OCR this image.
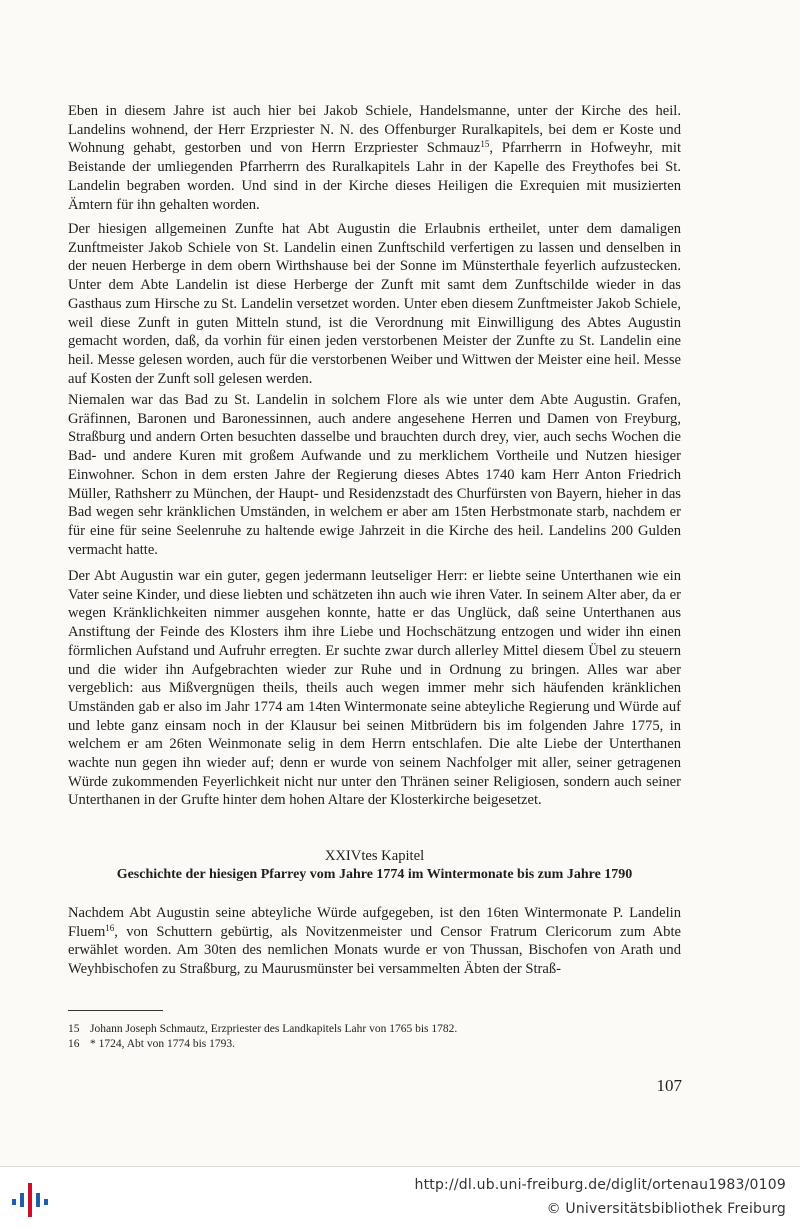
Eben in diesem Jahre ist auch hier bei Jakob Schiele, Handelsmanne, unter der Kirche des heil. Landelins wohnend, der Herr Erzpriester N. N. des Offenburger Ruralkapitels, bei dem er Koste und Wohnung gehabt, gestorben und von Herrn Erzpriester Schmauz$^{15}$, Pfarrherrn in Hofweyhr, mit Beistande der umliegenden Pfarrherrn des Ruralkapitels Lahr in der Kapelle des Freythofes bei St. Landelin begraben worden. Und sind in der Kirche dieses Heiligen die Exrequien mit musizierten Ämtern für ihn gehalten worden.

Der hiesigen allgemeinen Zunfte hat Abt Augustin die Erlaubnis ertheilet, unter dem damaligen Zunftmeister Jakob Schiele von St. Landelin einen Zunftschild verfertigen zu lassen und denselben in der neuen Herberge in dem obern Wirthshause bei der Sonne im Münsterthale feyerlich aufzustecken. Unter dem Abte Landelin ist diese Herberge der Zunft mit samt dem Zunftschilde wieder in das Gasthaus zum Hirsche zu St. Landelin versetzet worden. Unter eben diesem Zunftmeister Jakob Schiele, weil diese Zunft in guten Mitteln stund, ist die Verordnung mit Einwilligung des Abtes Augustin gemacht worden, daß, da vorhin für einen jeden verstorbenen Meister der Zunfte zu St. Landelin eine heil. Messe gelesen worden, auch für die verstorbenen Weiber und Wittwen der Meister eine heil. Messe auf Kosten der Zunft soll gelesen werden.

Niemalen war das Bad zu St. Landelin in solchem Flore als wie unter dem Abte Augustin. Grafen, Gräfinnen, Baronen und Baronessinnen, auch andere angesehene Herren und Damen von Freyburg, Straßburg und andern Orten besuchten dasselbe und brauchten durch drey, vier, auch sechs Wochen die Bad- und andere Kuren mit großem Aufwande und zu merklichem Vortheile und Nutzen hiesiger Einwohner. Schon in dem ersten Jahre der Regierung dieses Abtes 1740 kam Herr Anton Friedrich Müller, Rathsherr zu München, der Haupt- und Residenzstadt des Churfürsten von Bayern, hieher in das Bad wegen sehr kränklichen Umständen, in welchem er aber am 15ten Herbstmonate starb, nachdem er für eine für seine Seelenruhe zu haltende ewige Jahrzeit in die Kirche des heil. Landelins 200 Gulden vermacht hatte.

Der Abt Augustin war ein guter, gegen jedermann leutseliger Herr: er liebte seine Unterthanen wie ein Vater seine Kinder, und diese liebten und schätzeten ihn auch wie ihren Vater. In seinem Alter aber, da er wegen Kränklichkeiten nimmer ausgehen konnte, hatte er das Unglück, daß seine Unterthanen aus Anstiftung der Feinde des Klosters ihm ihre Liebe und Hochschätzung entzogen und wider ihn einen förmlichen Aufstand und Aufruhr erregten. Er suchte zwar durch allerley Mittel diesem Übel zu steuern und die wider ihn Aufgebrachten wieder zur Ruhe und in Ordnung zu bringen. Alles war aber vergeblich: aus Mißvergnügen theils, theils auch wegen immer mehr sich häufenden kränklichen Umständen gab er also im Jahr 1774 am 14ten Wintermonate seine abteyliche Regierung und Würde auf und lebte ganz einsam noch in der Klausur bei seinen Mitbrüdern bis im folgenden Jahre 1775, in welchem er am 26ten Weinmonate selig in dem Herrn entschlafen. Die alte Liebe der Unterthanen wachte nun gegen ihn wieder auf; denn er wurde von seinem Nachfolger mit aller, seiner getragenen Würde zukommenden Feyerlichkeit nicht nur unter den Thränen seiner Religiosen, sondern auch seiner Unterthanen in der Grufte hinter dem hohen Altare der Klosterkirche beigesetzet.

XXIVtes Kapitel
Geschichte der hiesigen Pfarrey vom Jahre 1774 im Wintermonate bis zum Jahre 1790

Nachdem Abt Augustin seine abteyliche Würde aufgegeben, ist den 16ten Wintermonate P. Landelin Fluem$^{16}$, von Schuttern gebürtig, als Novitzenmeister und Censor Fratrum Clericorum zum Abte erwählet worden. Am 30ten des nemlichen Monats wurde er von Thussan, Bischofen von Arath und Weyhbischofen zu Straßburg, zu Maurusmünster bei versammelten Äbten der Straß-

15 Johann Joseph Schmautz, Erzpriester des Landkapitels Lahr von 1765 bis 1782.
16 * 1724, Abt von 1774 bis 1793.
107
http://dl.ub.uni-freiburg.de/diglit/ortenau1983/0109
© Universitätsbibliothek Freiburg
